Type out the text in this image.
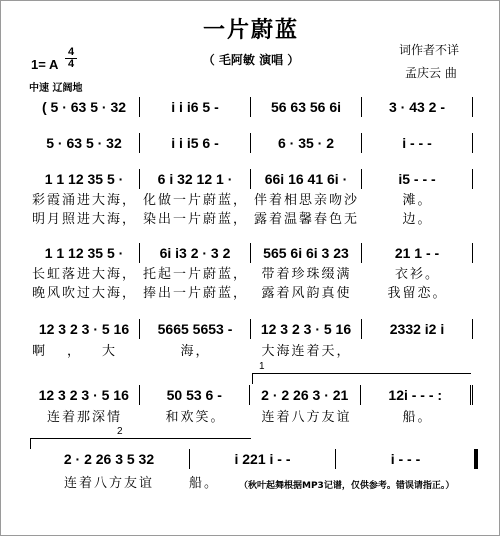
一片蔚蓝
（ 毛阿敏 演唱 ）
词作者不详
孟庆云 曲
1= A
4
4
中速 辽阔地
( 5 · 63 5 · 32	i i i6 5 -	56 63 56 6i	3 · 43 2 -
5 · 63 5 · 32	i i i5 6 -	6 · 35 · 2	i - - -
1 1 12 35 5 ·	6 i 32 12 1 ·	66i 16 41 6i ·	i5 - - -
彩霞涌进大海， 化做一片蔚蓝， 伴着相思亲吻沙	滩。
明月照进大海， 染出一片蔚蓝， 露着温馨春色无	边。
1 1 12 35 5 ·	6i i3 2 · 3 2	565 6i 6i 3 23	21 1 - -
长虹落进大海， 托起一片蔚蓝，	带着珍珠缀满	衣衫。
晚风吹过大海， 捧出一片蔚蓝，	露着风韵真使	我留恋。
12 3 2 3 · 5 16	5665 5653 -	12 3 2 3 · 5 16	2332 i2 i
啊，大	海，	大海连着天，
1
12 3 2 3 · 5 16	50 53 6 -	2 · 2 26 3 · 21	12i - - - :
连着那深情	和欢笑。	连着八方友谊	船。
2
2 · 2 26 3 5 32	i 221 i - -	i - - -
连着八方友谊	船。	（秋叶起舞根据MP3记谱，仅供参考。错误请指正。）
